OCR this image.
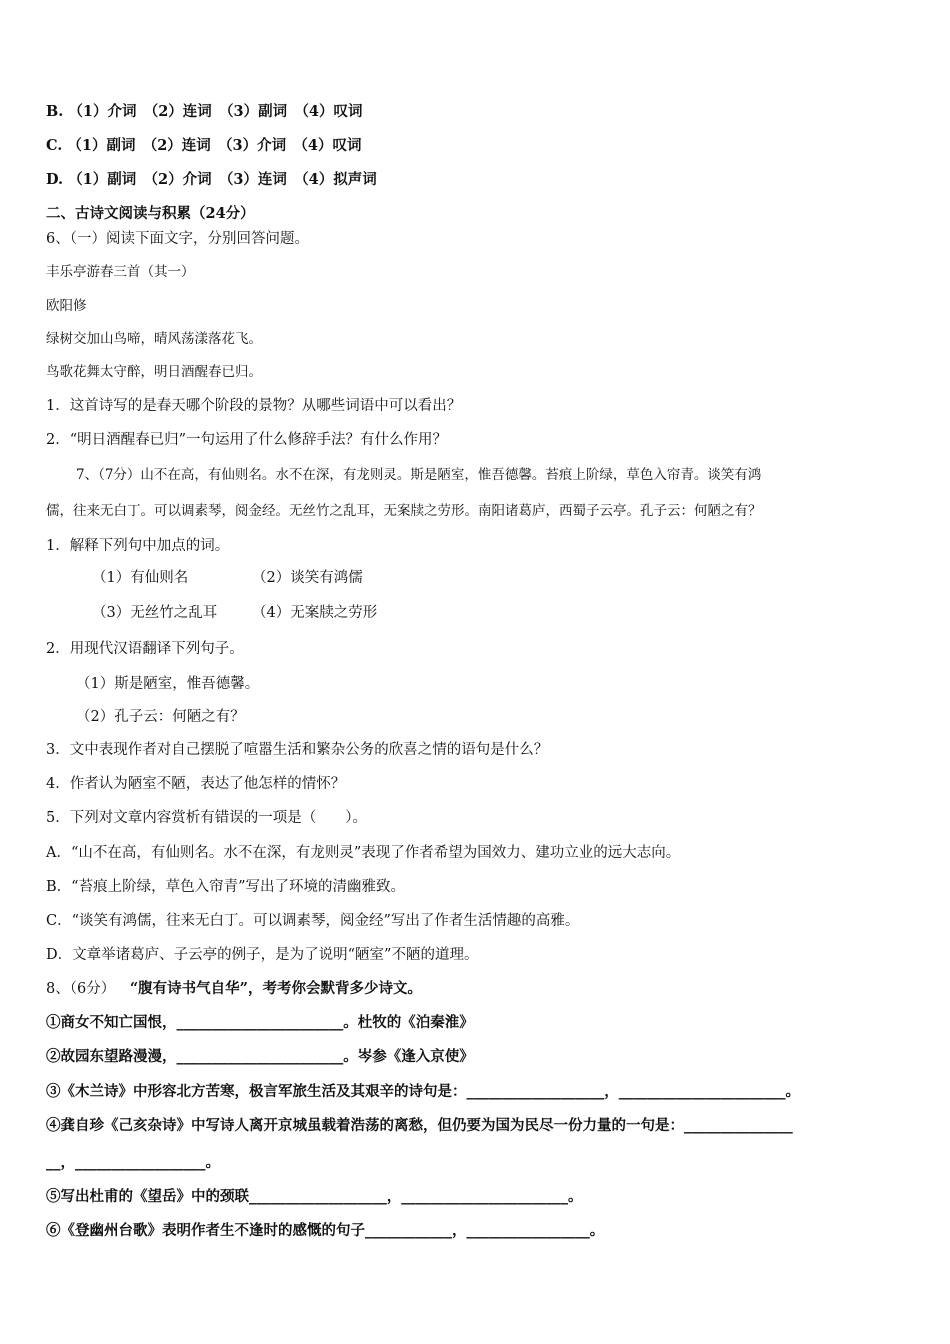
B. （1）介词　（2）连词　（3）副词　（4）叹词
C. （1）副词　（2）连词　（3）介词　（4）叹词
D. （1）副词　（2）介词　（3）连词　（4）拟声词
二、古诗文阅读与积累（24分）
6、（一）阅读下面文字，分别回答问题。
丰乐亭游春三首（其一）
欧阳修
绿树交加山鸟啼，晴风荡漾落花飞。
鸟歌花舞太守醉，明日酒醒春已归。
1．这首诗写的是春天哪个阶段的景物？从哪些词语中可以看出？
2．“明日酒醒春已归”一句运用了什么修辞手法？有什么作用？
7、（7分）山不在高，有仙则名。水不在深，有龙则灵。斯是陋室，惟吾德馨。苔痕上阶绿，草色入帘青。谈笑有鸿
儒，往来无白丁。可以调素琴，阅金经。无丝竹之乱耳，无案牍之劳形。南阳诸葛庐，西蜀子云亭。孔子云：何陋之有？
1．解释下列句中加点的词。
（1）有仙则名	（2）谈笑有鸿儒
（3）无丝竹之乱耳 （4）无案牍之劳形
2．用现代汉语翻译下列句子。
（1）斯是陋室，惟吾德馨。
（2）孔子云：何陋之有？
3．文中表现作者对自己摆脱了喧嚣生活和繁杂公务的欣喜之情的语句是什么？
4．作者认为陋室不陋，表达了他怎样的情怀？
5．下列对文章内容赏析有错误的一项是（　　）。
A．“山不在高，有仙则名。水不在深，有龙则灵”表现了作者希望为国效力、建功立业的远大志向。
B．“苔痕上阶绿，草色入帘青”写出了环境的清幽雅致。
C．“谈笑有鸿儒，往来无白丁。可以调素琴，阅金经”写出了作者生活情趣的高雅。
D．文章举诸葛庐、子云亭的例子，是为了说明“陋室”不陋的道理。
8、（6分） “腹有诗书气自华”，考考你会默背多少诗文。
①商女不知亡国恨，_______________________。杜牧的《泊秦淮》
②故园东望路漫漫，_______________________。岑参《逢入京使》
③《木兰诗》中形容北方苦寒，极言军旅生活及其艰辛的诗句是：___________________，_______________________。
④龚自珍《己亥杂诗》中写诗人离开京城虽载着浩荡的离愁，但仍要为国为民尽一份力量的一句是：_______________
__，__________________。
⑤写出杜甫的《望岳》中的颈联___________________，_______________________。
⑥《登幽州台歌》表明作者生不逢时的感慨的句子____________，_________________。
